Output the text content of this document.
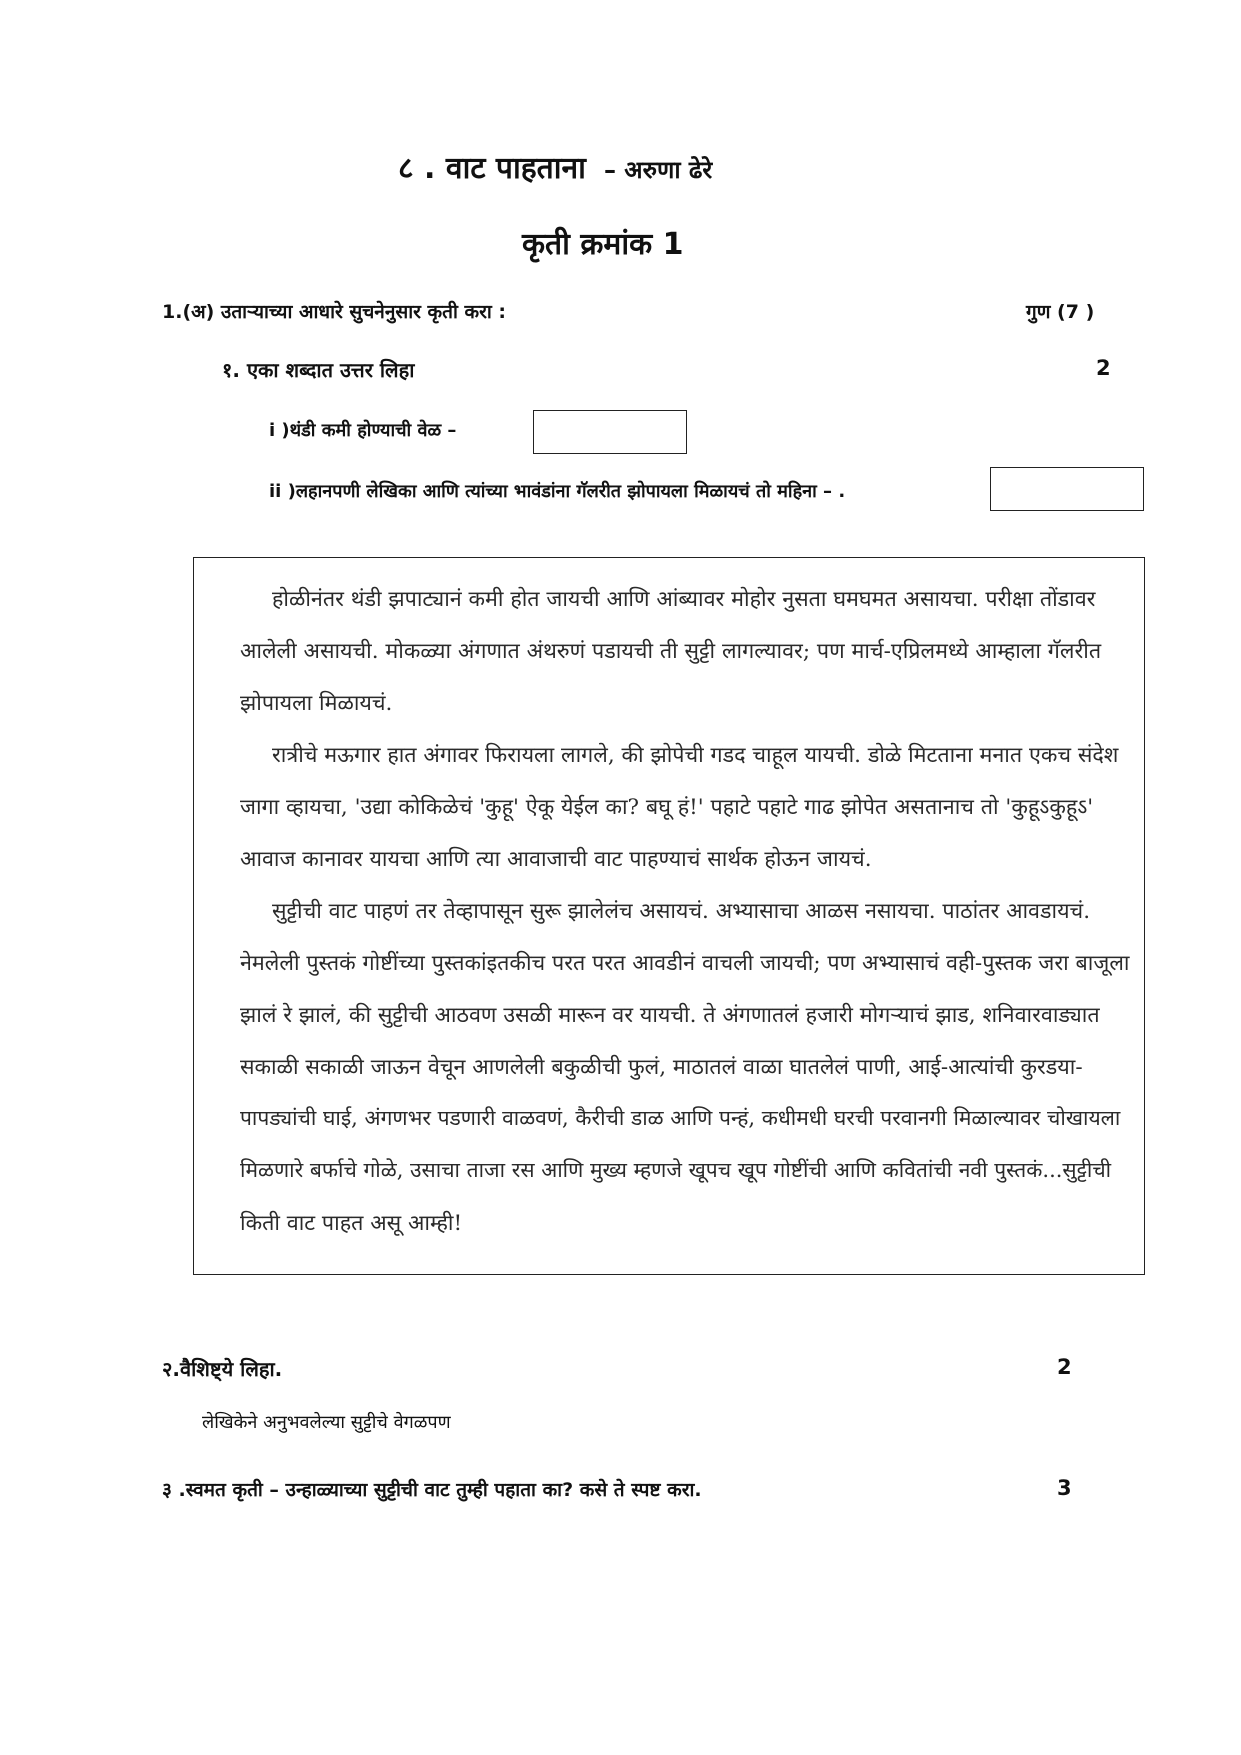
८ . वाट पाहताना – अरुणा ढेरे
कृती क्रमांक 1
1.(अ) उताऱ्याच्या आधारे सुचनेनुसार कृती करा :	गुण (7 )
१. एका शब्दात उत्तर लिहा	2
i )थंडी कमी होण्याची वेळ –
ii )लहानपणी लेखिका आणि त्यांच्या भावंडांना गॅलरीत झोपायला मिळायचं तो महिना – .
होळीनंतर थंडी झपाट्यानं कमी होत जायची आणि आंब्यावर मोहोर नुसता घमघमत असायचा. परीक्षा तोंडावर
आलेली असायची. मोकळ्या अंगणात अंथरुणं पडायची ती सुट्टी लागल्यावर; पण मार्च-एप्रिलमध्ये आम्हाला गॅलरीत
झोपायला मिळायचं.
रात्रीचे मऊगार हात अंगावर फिरायला लागले, की झोपेची गडद चाहूल यायची. डोळे मिटताना मनात एकच संदेश
जागा व्हायचा, 'उद्या कोकिळेचं 'कुहू' ऐकू येईल का? बघू हं!' पहाटे पहाटे गाढ झोपेत असतानाच तो 'कुहूऽकुहूऽ'
आवाज कानावर यायचा आणि त्या आवाजाची वाट पाहण्याचं सार्थक होऊन जायचं.
सुट्टीची वाट पाहणं तर तेव्हापासून सुरू झालेलंच असायचं. अभ्यासाचा आळस नसायचा. पाठांतर आवडायचं.
नेमलेली पुस्तकं गोष्टींच्या पुस्तकांइतकीच परत परत आवडीनं वाचली जायची; पण अभ्यासाचं वही-पुस्तक जरा बाजूला
झालं रे झालं, की सुट्टीची आठवण उसळी मारून वर यायची. ते अंगणातलं हजारी मोगऱ्याचं झाड, शनिवारवाड्यात
सकाळी सकाळी जाऊन वेचून आणलेली बकुळीची फुलं, माठातलं वाळा घातलेलं पाणी, आई-आत्यांची कुरडया-
पापड्यांची घाई, अंगणभर पडणारी वाळवणं, कैरीची डाळ आणि पन्हं, कधीमधी घरची परवानगी मिळाल्यावर चोखायला
मिळणारे बर्फाचे गोळे, उसाचा ताजा रस आणि मुख्य म्हणजे खूपच खूप गोष्टींची आणि कवितांची नवी पुस्तकं...सुट्टीची
किती वाट पाहत असू आम्ही!
२.वैशिष्ट्ये लिहा.	2
लेखिकेने अनुभवलेल्या सुट्टीचे वेगळपण
३ .स्वमत कृती – उन्हाळ्याच्या सुट्टीची वाट तुम्ही पहाता का? कसे ते स्पष्ट करा.	3
